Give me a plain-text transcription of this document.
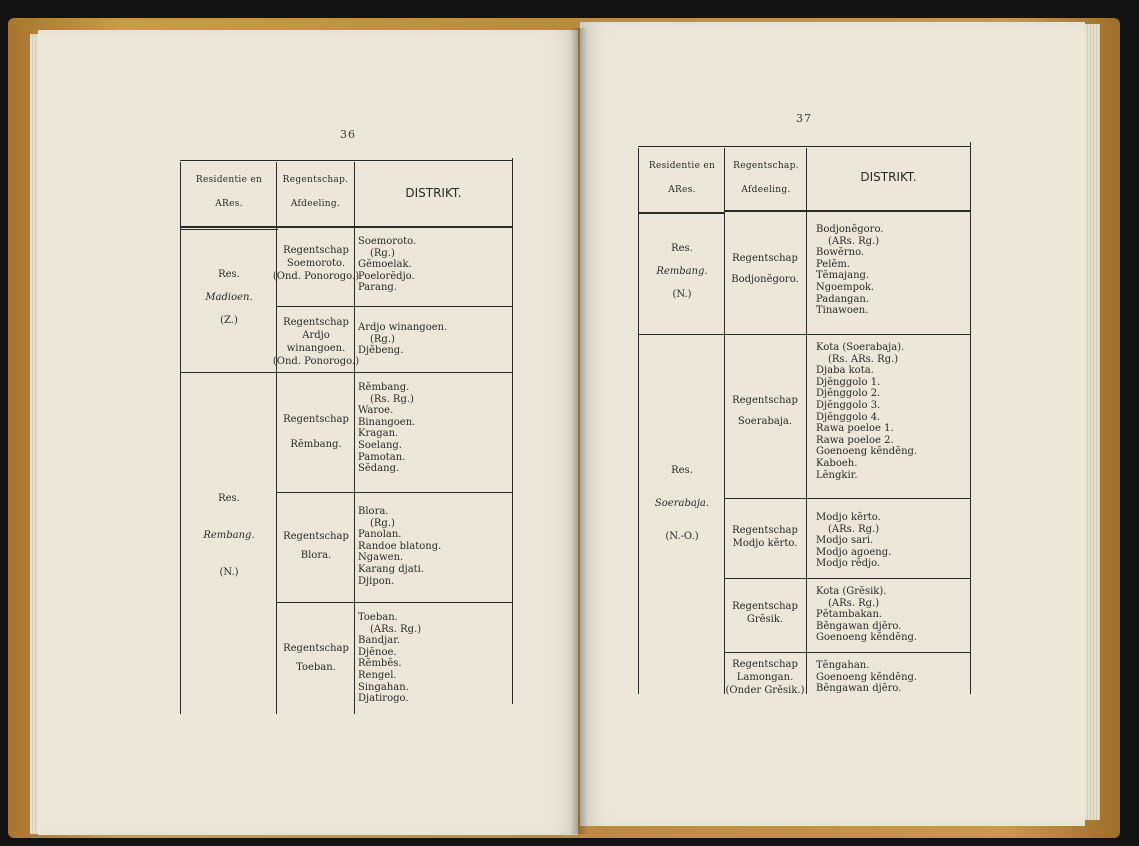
36
Residentie en ARes.
Regentschap. Afdeeling.
DISTRIKT.
Res.
Madioen.
(Z.)
Res.
Rembang.
(N.)
Regentschap
Soemoroto.
(Ond. Ponorogo.)
Regentschap
Ardjo
winangoen.
(Ond. Ponorogo.)
Regentschap
Rĕmbang.
Regentschap
Blora.
Regentschap
Toeban.
Soemoroto.
(Rg.)
Gĕmoelak.
Poelorĕdjo.
Parang.
Ardjo winangoen.
(Rg.)
Djĕbeng.
Rĕmbang.
(Rs. Rg.)
Waroe.
Binangoen.
Kragan.
Soelang.
Pamotan.
Sĕdang.
Blora.
(Rg.)
Panolan.
Randoe blatong.
Ngawen.
Karang djati.
Djipon.
Toeban.
(ARs. Rg.)
Bandjar.
Djĕnoe.
Rĕmbĕs.
Rengel.
Singahan.
Djatirogo.
37
Residentie en ARes.
Regentschap. Afdeeling.
DISTRIKT.
Res.
Rembang.
(N.)
Res.
Soerabaja.
(N.-O.)
Regentschap
Bodjonĕgoro.
Regentschap
Soerabaja.
Regentschap
Modjo kĕrto.
Regentschap
Grĕsik.
Regentschap
Lamongan.
(Onder Grĕsik.)
Bodjonĕgoro.
(ARs. Rg.)
Bowĕrno.
Pelĕm.
Tĕmajang.
Ngoempok.
Padangan.
Tinawoen.
Kota (Soerabaja).
(Rs. ARs. Rg.)
Djaba kota.
Djĕnggolo 1.
Djĕnggolo 2.
Djĕnggolo 3.
Djĕnggolo 4.
Rawa poeloe 1.
Rawa poeloe 2.
Goenoeng kĕndĕng.
Kaboeh.
Lĕngkir.
Modjo kĕrto.
(ARs. Rg.)
Modjo sari.
Modjo agoeng.
Modjo rĕdjo.
Kota (Grĕsik).
(ARs. Rg.)
Pĕtambakan.
Bĕngawan djĕro.
Goenoeng kĕndĕng.
Tĕngahan.
Goenoeng kĕndĕng.
Bĕngawan djĕro.
